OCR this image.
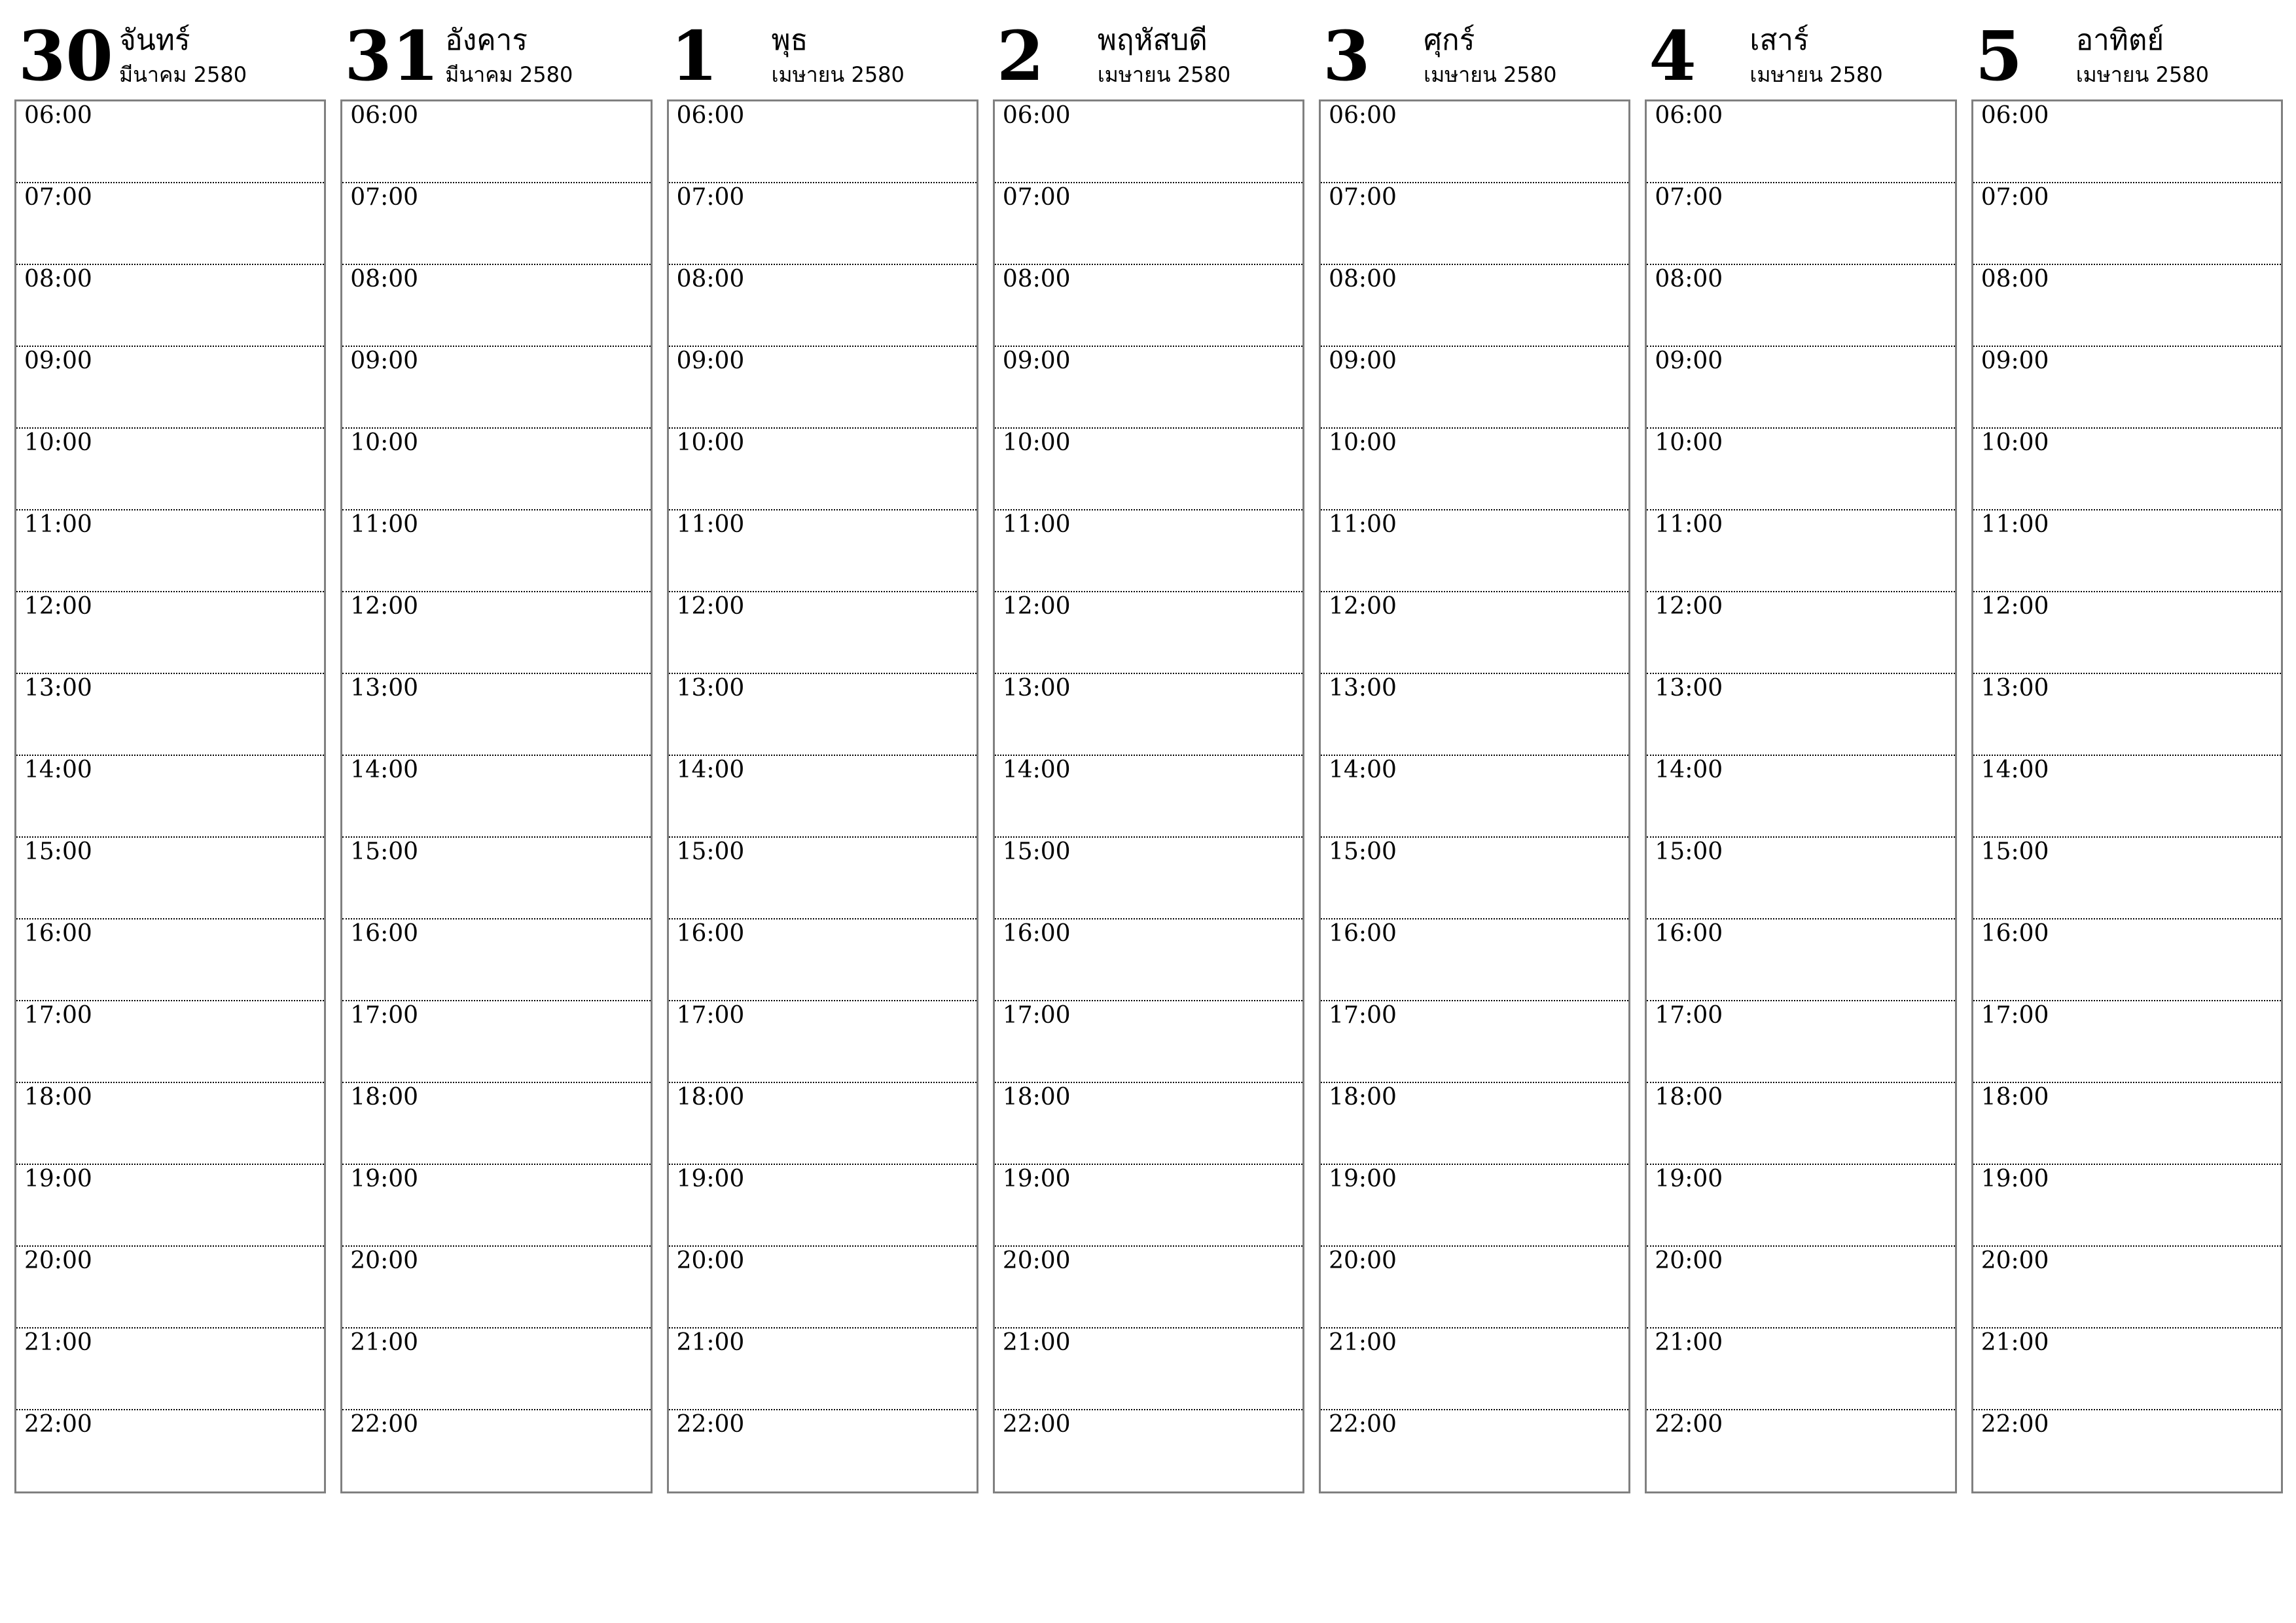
30 จันทร์
มีนาคม 2580
06:00
07:00
08:00
09:00
10:00
11:00
12:00
13:00
14:00
15:00
16:00
17:00
18:00
19:00
20:00
21:00
22:00
31 อังคาร
มีนาคม 2580
06:00
07:00
08:00
09:00
10:00
11:00
12:00
13:00
14:00
15:00
16:00
17:00
18:00
19:00
20:00
21:00
22:00
1 พุธ
เมษายน 2580
06:00
07:00
08:00
09:00
10:00
11:00
12:00
13:00
14:00
15:00
16:00
17:00
18:00
19:00
20:00
21:00
22:00
2 พฤหัสบดี
เมษายน 2580
06:00
07:00
08:00
09:00
10:00
11:00
12:00
13:00
14:00
15:00
16:00
17:00
18:00
19:00
20:00
21:00
22:00
3 ศุกร์
เมษายน 2580
06:00
07:00
08:00
09:00
10:00
11:00
12:00
13:00
14:00
15:00
16:00
17:00
18:00
19:00
20:00
21:00
22:00
4 เสาร์
เมษายน 2580
06:00
07:00
08:00
09:00
10:00
11:00
12:00
13:00
14:00
15:00
16:00
17:00
18:00
19:00
20:00
21:00
22:00
5 อาทิตย์
เมษายน 2580
06:00
07:00
08:00
09:00
10:00
11:00
12:00
13:00
14:00
15:00
16:00
17:00
18:00
19:00
20:00
21:00
22:00
